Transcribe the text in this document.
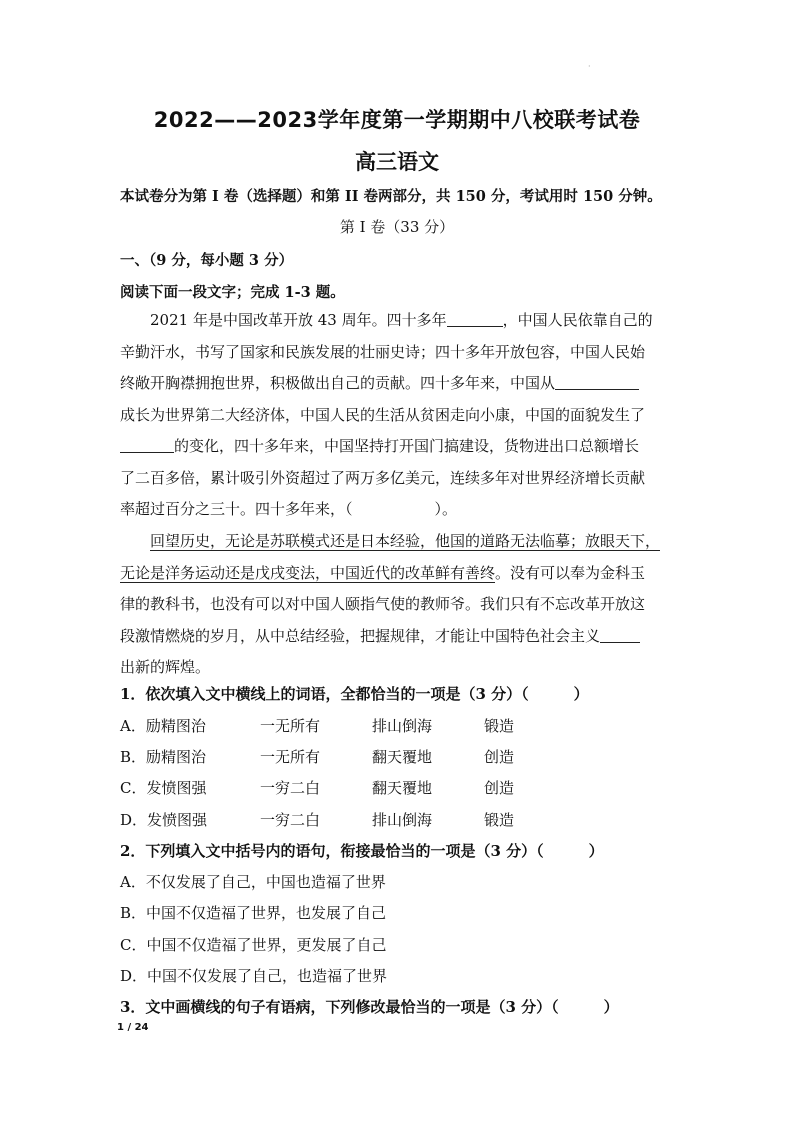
·
2022——2023学年度第一学期期中八校联考试卷
高三语文
本试卷分为第 I 卷（选择题）和第 II 卷两部分，共 150 分，考试用时 150 分钟。
第 I 卷（33 分）
一、（9 分，每小题 3 分）
阅读下面一段文字；完成 1-3 题。
2021 年是中国改革开放 43 周年。四十多年	，中国人民依靠自己的
辛勤汗水，书写了国家和民族发展的壮丽史诗；四十多年开放包容，中国人民始
终敞开胸襟拥抱世界，积极做出自己的贡献。四十多年来，中国从
成长为世界第二大经济体，中国人民的生活从贫困走向小康，中国的面貌发生了
的变化，四十多年来，中国坚持打开国门搞建设，货物进出口总额增长
了二百多倍，累计吸引外资超过了两万多亿美元，连续多年对世界经济增长贡献
率超过百分之三十。四十多年来，（	）。
回望历史，无论是苏联模式还是日本经验，他国的道路无法临摹；放眼天下，
无论是洋务运动还是戊戌变法，中国近代的改革鲜有善终。没有可以奉为金科玉
律的教科书，也没有可以对中国人颐指气使的教师爷。我们只有不忘改革开放这
段激情燃烧的岁月，从中总结经验，把握规律，才能让中国特色社会主义
出新的辉煌。
1．依次填入文中横线上的词语，全都恰当的一项是（3 分）（　　　）
A．励精图治	一无所有	排山倒海	锻造
B．励精图治	一无所有	翻天覆地	创造
C．发愤图强	一穷二白	翻天覆地	创造
D．发愤图强	一穷二白	排山倒海	锻造
2．下列填入文中括号内的语句，衔接最恰当的一项是（3 分）（　　　）
A．不仅发展了自己，中国也造福了世界
B．中国不仅造福了世界，也发展了自己
C．中国不仅造福了世界，更发展了自己
D．中国不仅发展了自己，也造福了世界
3．文中画横线的句子有语病，下列修改最恰当的一项是（3 分）（　　　）
1 / 24
